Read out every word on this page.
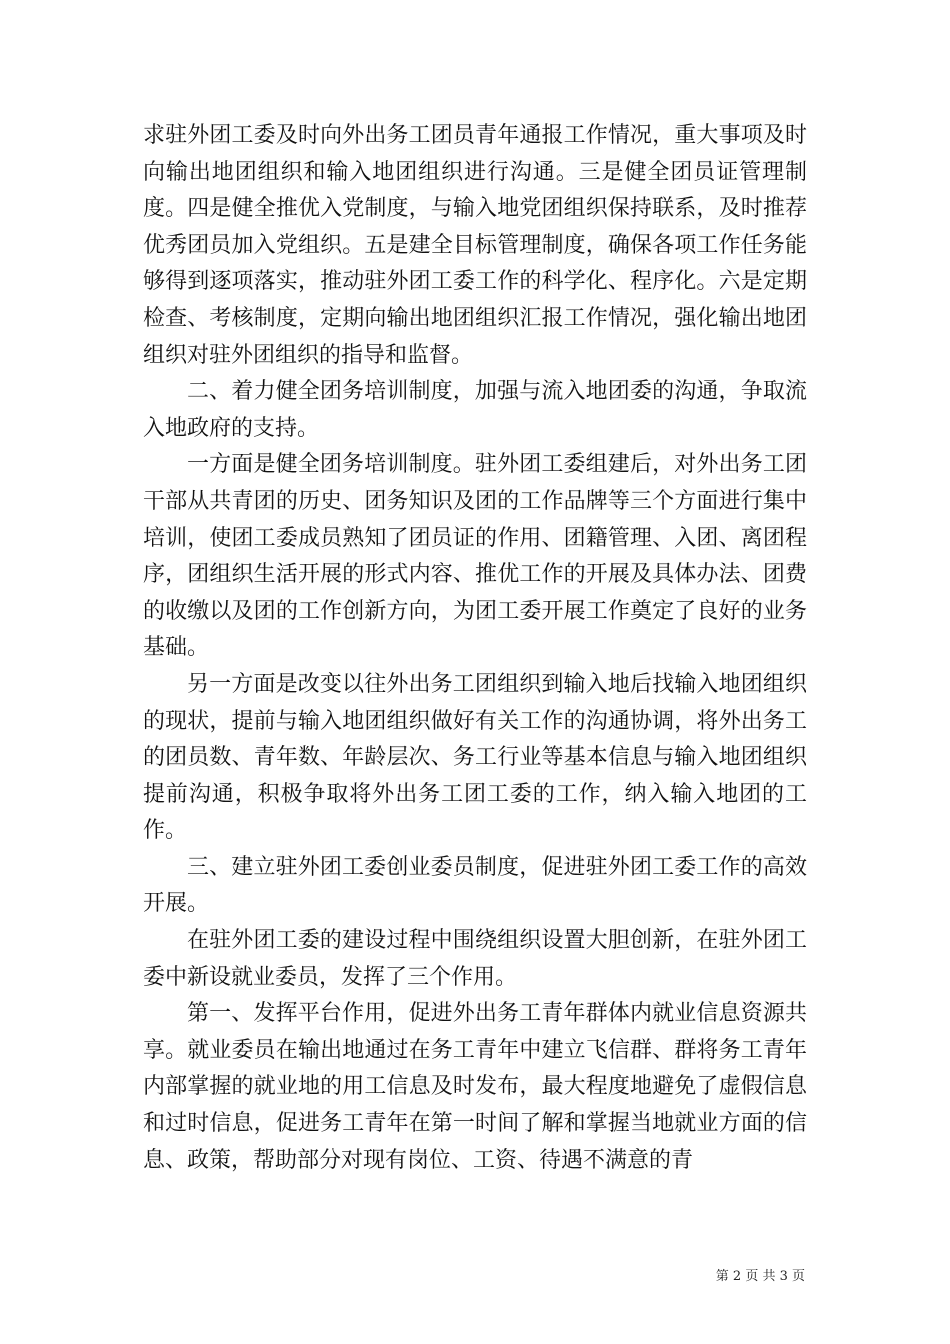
求驻外团工委及时向外出务工团员青年通报工作情况，重大事项及时向输出地团组织和输入地团组织进行沟通。三是健全团员证管理制度。四是健全推优入党制度，与输入地党团组织保持联系，及时推荐优秀团员加入党组织。五是建全目标管理制度，确保各项工作任务能够得到逐项落实，推动驻外团工委工作的科学化、程序化。六是定期检查、考核制度，定期向输出地团组织汇报工作情况，强化输出地团组织对驻外团组织的指导和监督。

二、着力健全团务培训制度，加强与流入地团委的沟通，争取流入地政府的支持。

一方面是健全团务培训制度。驻外团工委组建后，对外出务工团干部从共青团的历史、团务知识及团的工作品牌等三个方面进行集中培训，使团工委成员熟知了团员证的作用、团籍管理、入团、离团程序，团组织生活开展的形式内容、推优工作的开展及具体办法、团费的收缴以及团的工作创新方向，为团工委开展工作奠定了良好的业务基础。

另一方面是改变以往外出务工团组织到输入地后找输入地团组织的现状，提前与输入地团组织做好有关工作的沟通协调，将外出务工的团员数、青年数、年龄层次、务工行业等基本信息与输入地团组织提前沟通，积极争取将外出务工团工委的工作，纳入输入地团的工作。

三、建立驻外团工委创业委员制度，促进驻外团工委工作的高效开展。

在驻外团工委的建设过程中围绕组织设置大胆创新，在驻外团工委中新设就业委员，发挥了三个作用。

第一、发挥平台作用，促进外出务工青年群体内就业信息资源共享。就业委员在输出地通过在务工青年中建立飞信群、群将务工青年内部掌握的就业地的用工信息及时发布，最大程度地避免了虚假信息和过时信息，促进务工青年在第一时间了解和掌握当地就业方面的信息、政策，帮助部分对现有岗位、工资、待遇不满意的青

第 2 页 共 3 页
